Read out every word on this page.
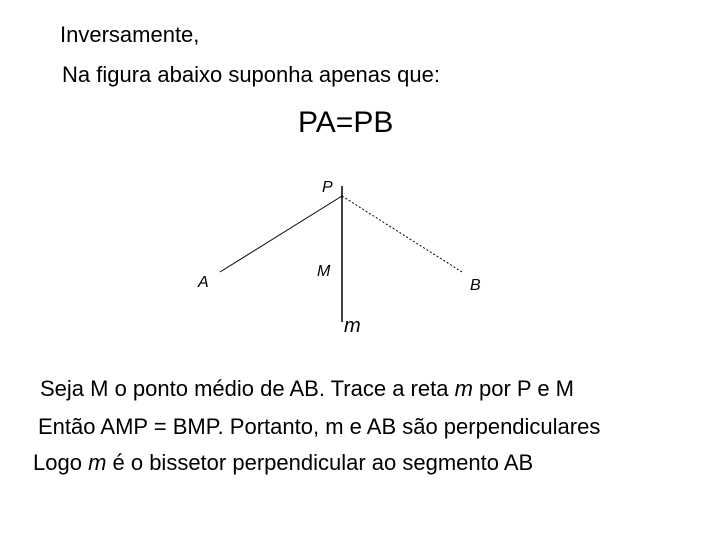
Inversamente,
Na figura abaixo suponha apenas que:
PA=PB
P
A
M
B
m
Seja M o ponto médio de AB. Trace a reta m por P e M
Então AMP = BMP. Portanto, m e AB são perpendiculares
Logo m é o bissetor perpendicular ao segmento AB
